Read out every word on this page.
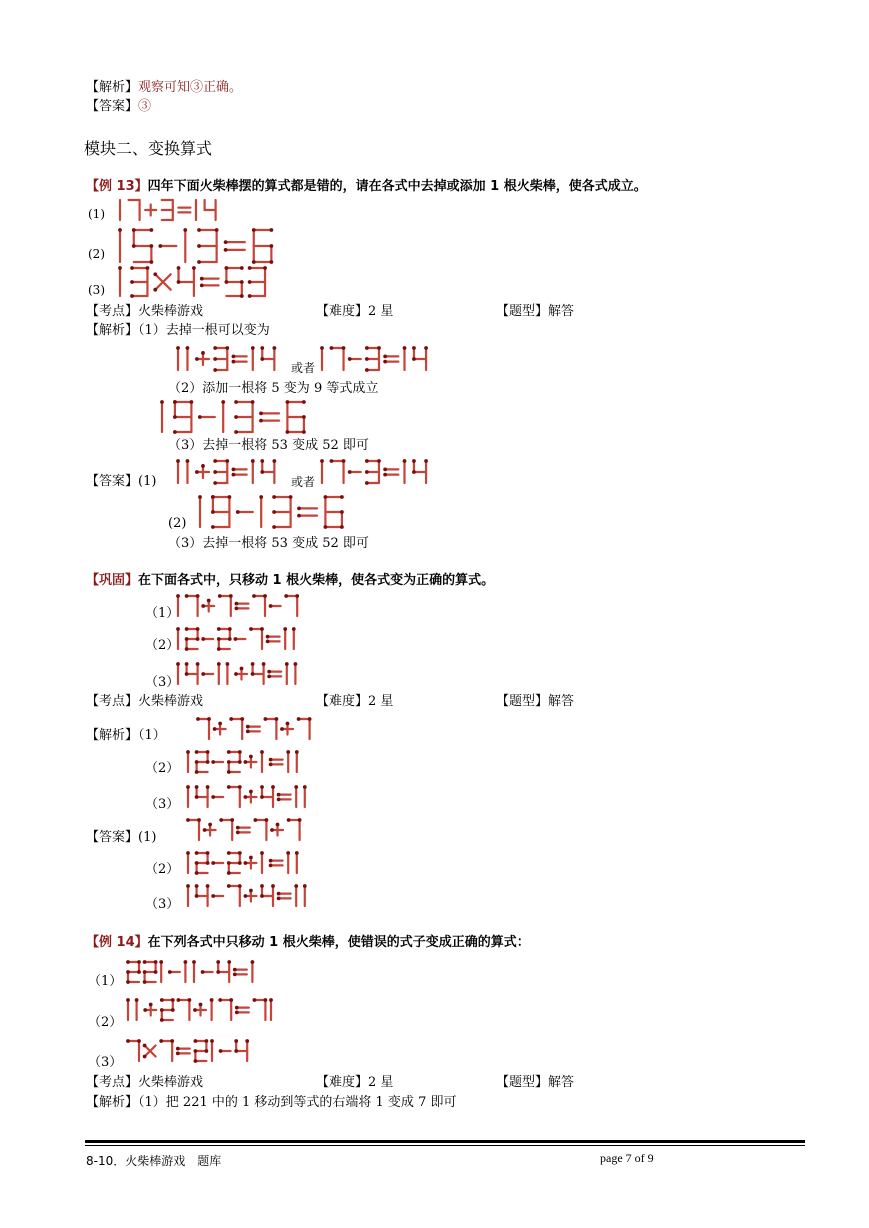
【解析】观察可知③正确。
【答案】③
模块二、变换算式
【例 13】四年下面火柴棒摆的算式都是错的，请在各式中去掉或添加 1 根火柴棒，使各式成立。
(1)
(2)
(3)
【考点】火柴棒游戏	【难度】2 星	【题型】解答
【解析】（1）去掉一根可以变为
或者
（2）添加一根将 5 变为 9 等式成立
（3）去掉一根将 53 变成 52 即可
【答案】(1)	或者
(2)
（3）去掉一根将 53 变成 52 即可
【巩固】在下面各式中，只移动 1 根火柴棒，使各式变为正确的算式。
（1）
（2）
（3）
【考点】火柴棒游戏	【难度】2 星	【题型】解答
【解析】（1）
（2）
（3）
【答案】(1)
（2）
（3）
【例 14】在下列各式中只移动 1 根火柴棒，使错误的式子变成正确的算式：
（1）
（2）
（3）
【考点】火柴棒游戏	【难度】2 星	【题型】解答
【解析】（1）把 221 中的 1 移动到等式的右端将 1 变成 7 即可
8-10．火柴棒游戏　题库	page 7 of 9
